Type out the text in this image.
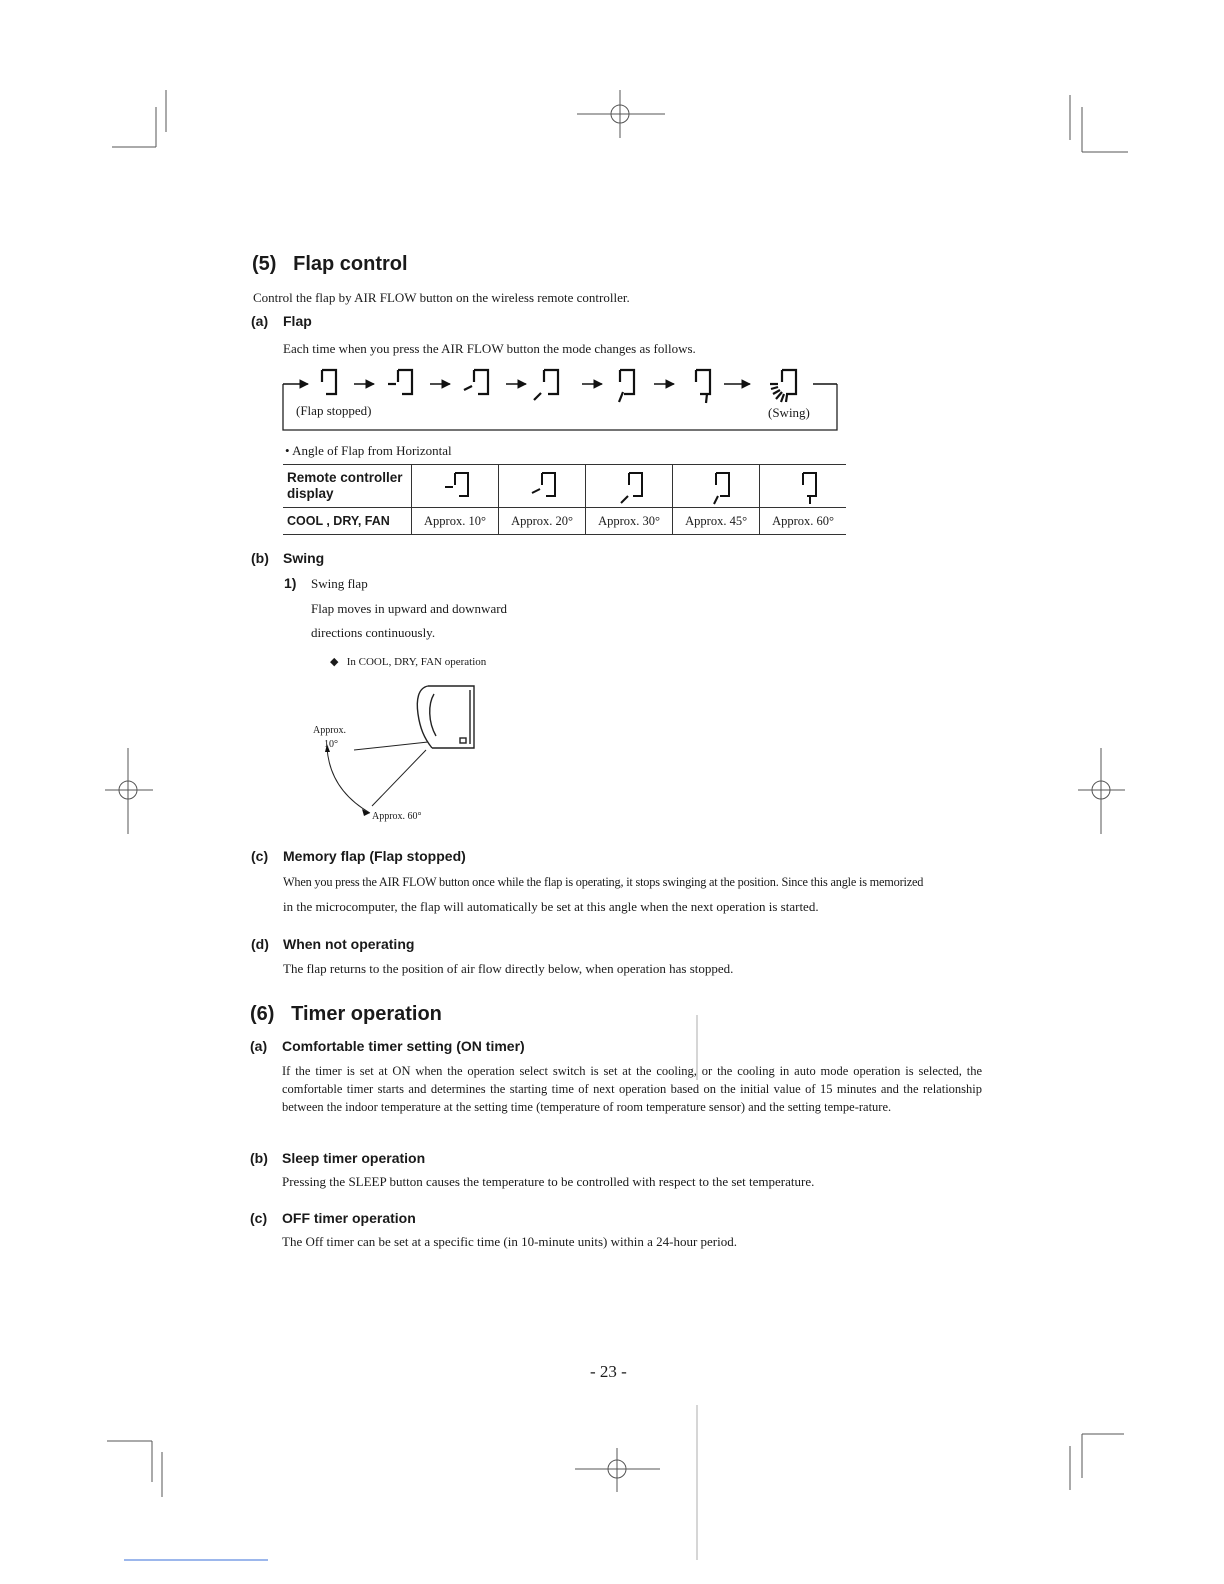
(5) Flap control
Control the flap by AIR FLOW button on the wireless remote controller.
(a) Flap
Each time when you press the AIR FLOW button the mode changes as follows.
(Flap stopped)	(Swing)
• Angle of Flap from Horizontal
Remote controller display	

COOL , DRY, FAN	Approx. 10°	Approx. 20°	Approx. 30°	Approx. 45°	Approx. 60°
(b) Swing
1) Swing flap
Flap moves in upward and downward
directions continuously.
◆ In COOL, DRY, FAN operation
Approx.
10°
Approx. 60°
(c) Memory flap (Flap stopped)
When you press the AIR FLOW button once while the flap is operating, it stops swinging at the position. Since this angle is memorized
in the microcomputer, the flap will automatically be set at this angle when the next operation is started.
(d) When not operating
The flap returns to the position of air flow directly below, when operation has stopped.
(6) Timer operation
(a) Comfortable timer setting (ON timer)
If the timer is set at ON when the operation select switch is set at the cooling, or the cooling in auto mode operation is selected, the comfortable timer starts and determines the starting time of next operation based on the initial value of 15 minutes and the relationship between the indoor temperature at the setting time (temperature of room temperature sensor) and the setting tempe-rature.
(b) Sleep timer operation
Pressing the SLEEP button causes the temperature to be controlled with respect to the set temperature.
(c) OFF timer operation
The Off timer can be set at a specific time (in 10-minute units) within a 24-hour period.
- 23 -
